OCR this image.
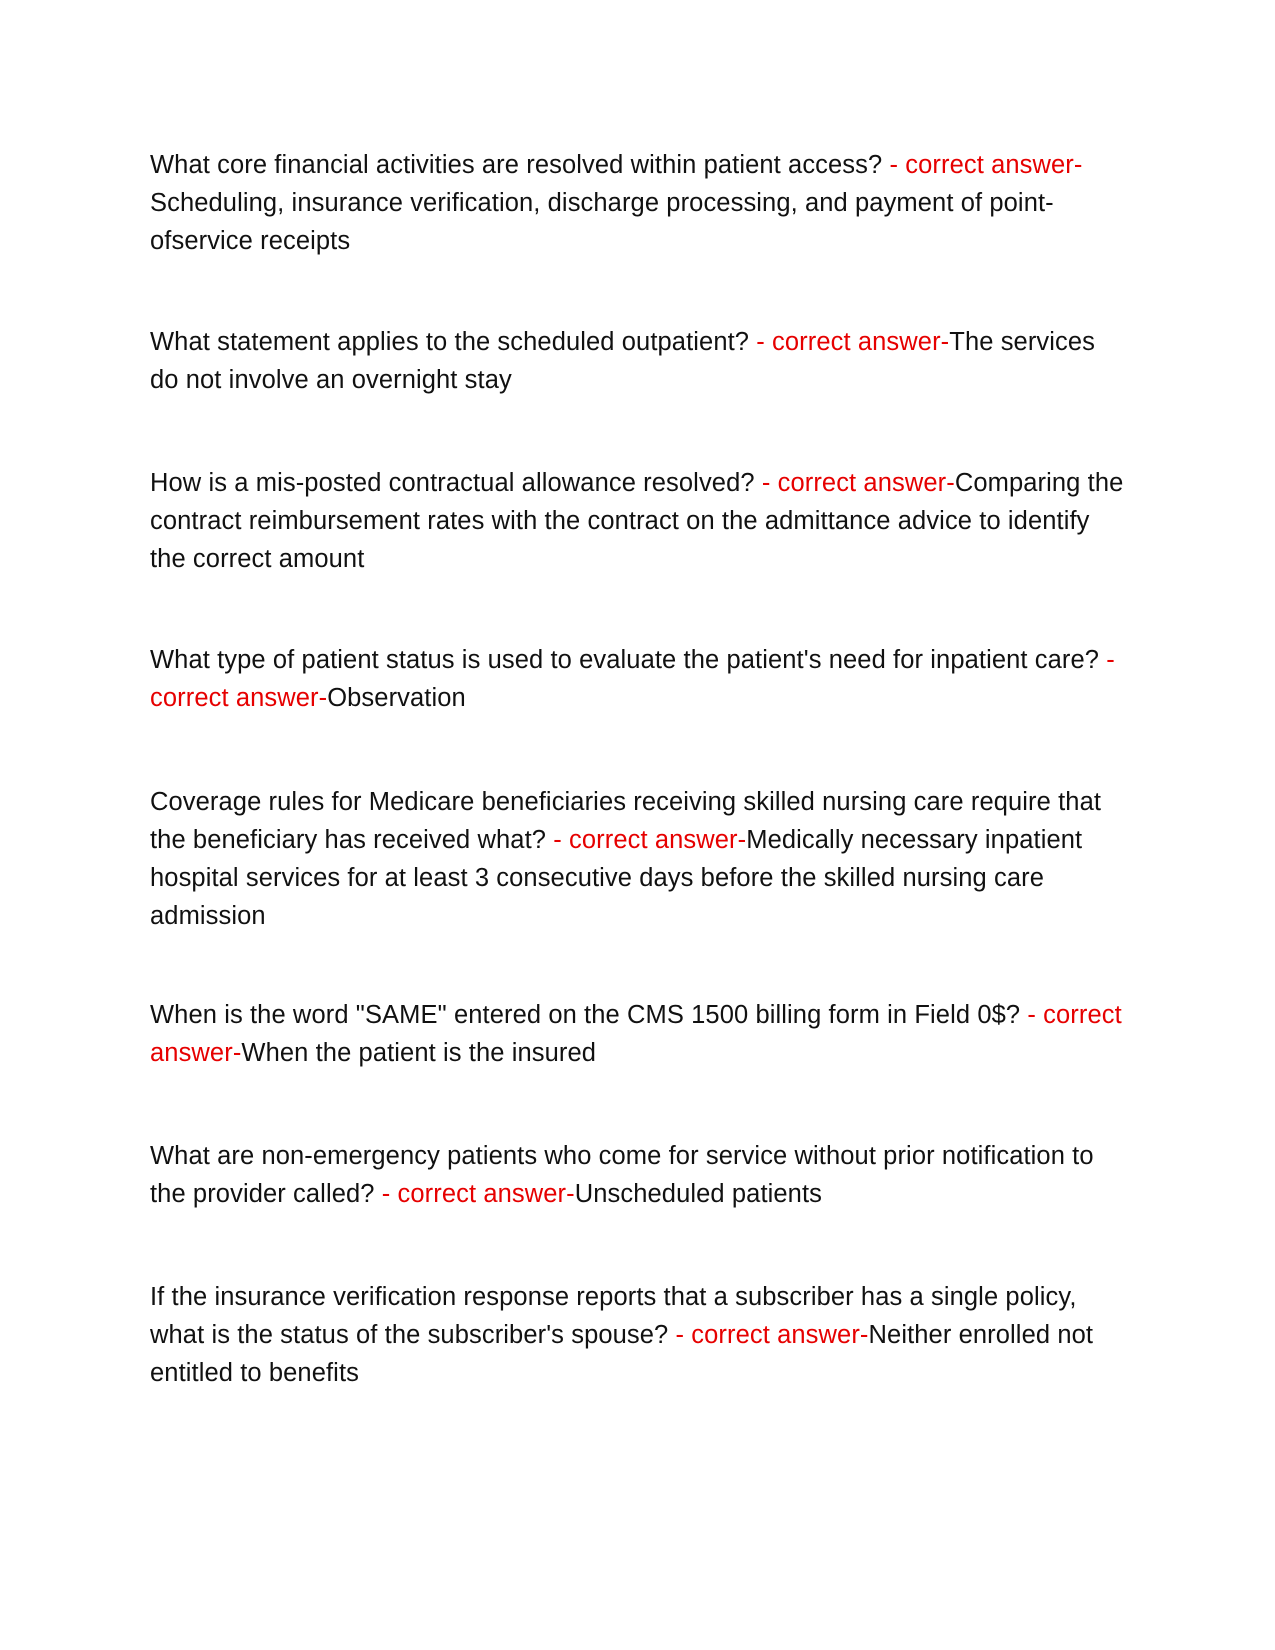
What core financial activities are resolved within patient access? - correct answer-Scheduling, insurance verification, discharge processing, and payment of point-ofservice receipts
What statement applies to the scheduled outpatient? - correct answer-The services do not involve an overnight stay
How is a mis-posted contractual allowance resolved? - correct answer-Comparing the contract reimbursement rates with the contract on the admittance advice to identify the correct amount
What type of patient status is used to evaluate the patient's need for inpatient care? - correct answer-Observation
Coverage rules for Medicare beneficiaries receiving skilled nursing care require that the beneficiary has received what? - correct answer-Medically necessary inpatient hospital services for at least 3 consecutive days before the skilled nursing care admission
When is the word "SAME" entered on the CMS 1500 billing form in Field 0$? - correct answer-When the patient is the insured
What are non-emergency patients who come for service without prior notification to the provider called? - correct answer-Unscheduled patients
If the insurance verification response reports that a subscriber has a single policy, what is the status of the subscriber's spouse? - correct answer-Neither enrolled not entitled to benefits
